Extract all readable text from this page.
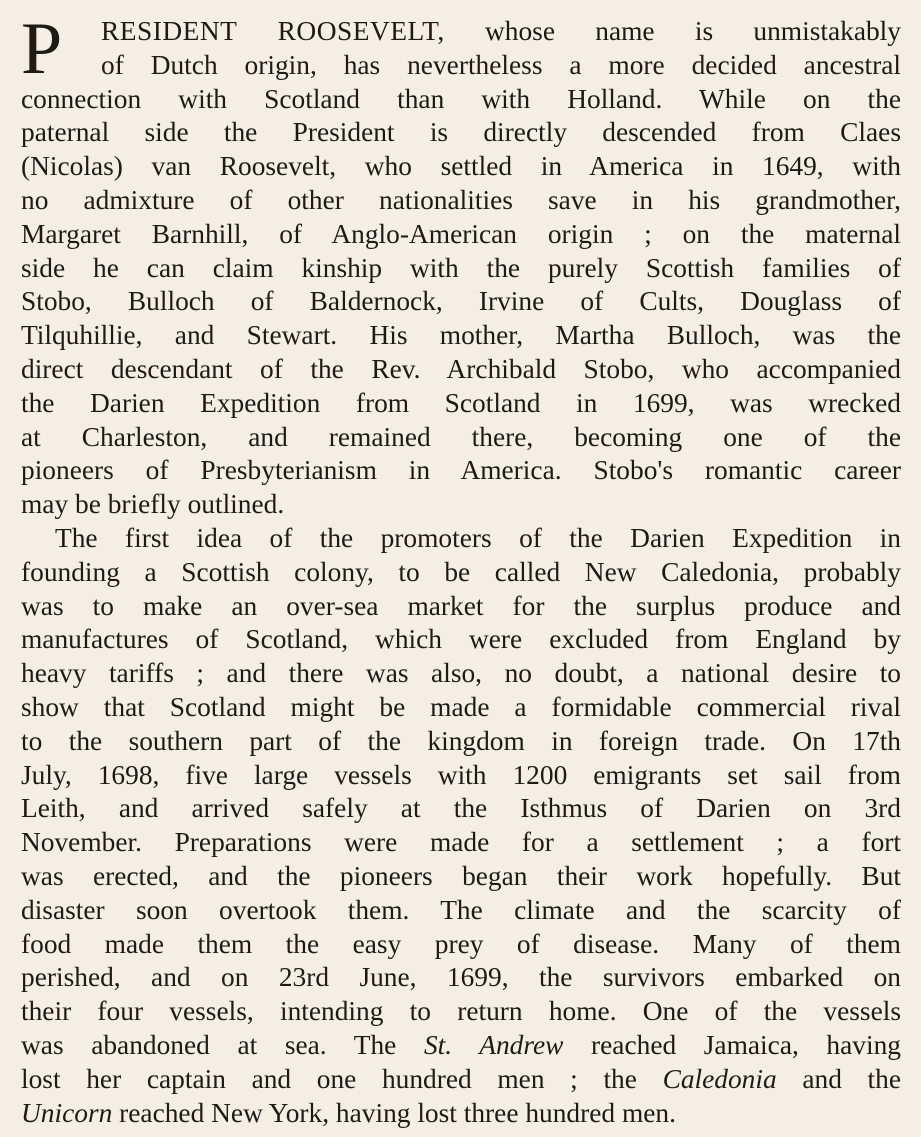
P	RESIDENT ROOSEVELT, whose name is unmistakably
of Dutch origin, has nevertheless a more decided ancestral
connection with Scotland than with Holland. While on the
paternal side the President is directly descended from Claes
(Nicolas) van Roosevelt, who settled in America in 1649, with
no admixture of other nationalities save in his grandmother,
Margaret Barnhill, of Anglo-American origin ; on the maternal
side he can claim kinship with the purely Scottish families of
Stobo, Bulloch of Baldernock, Irvine of Cults, Douglass of
Tilquhillie, and Stewart. His mother, Martha Bulloch, was the
direct descendant of the Rev. Archibald Stobo, who accompanied
the Darien Expedition from Scotland in 1699, was wrecked
at Charleston, and remained there, becoming one of the
pioneers of Presbyterianism in America. Stobo's romantic career
may be briefly outlined.

The first idea of the promoters of the Darien Expedition in
founding a Scottish colony, to be called New Caledonia, probably
was to make an over-sea market for the surplus produce and
manufactures of Scotland, which were excluded from England by
heavy tariffs ; and there was also, no doubt, a national desire to
show that Scotland might be made a formidable commercial rival
to the southern part of the kingdom in foreign trade. On 17th
July, 1698, five large vessels with 1200 emigrants set sail from
Leith, and arrived safely at the Isthmus of Darien on 3rd
November. Preparations were made for a settlement ; a fort
was erected, and the pioneers began their work hopefully. But
disaster soon overtook them. The climate and the scarcity of
food made them the easy prey of disease. Many of them
perished, and on 23rd June, 1699, the survivors embarked on
their four vessels, intending to return home. One of the vessels
was abandoned at sea. The St. Andrew reached Jamaica, having
lost her captain and one hundred men ; the Caledonia and the
Unicorn reached New York, having lost three hundred men.
